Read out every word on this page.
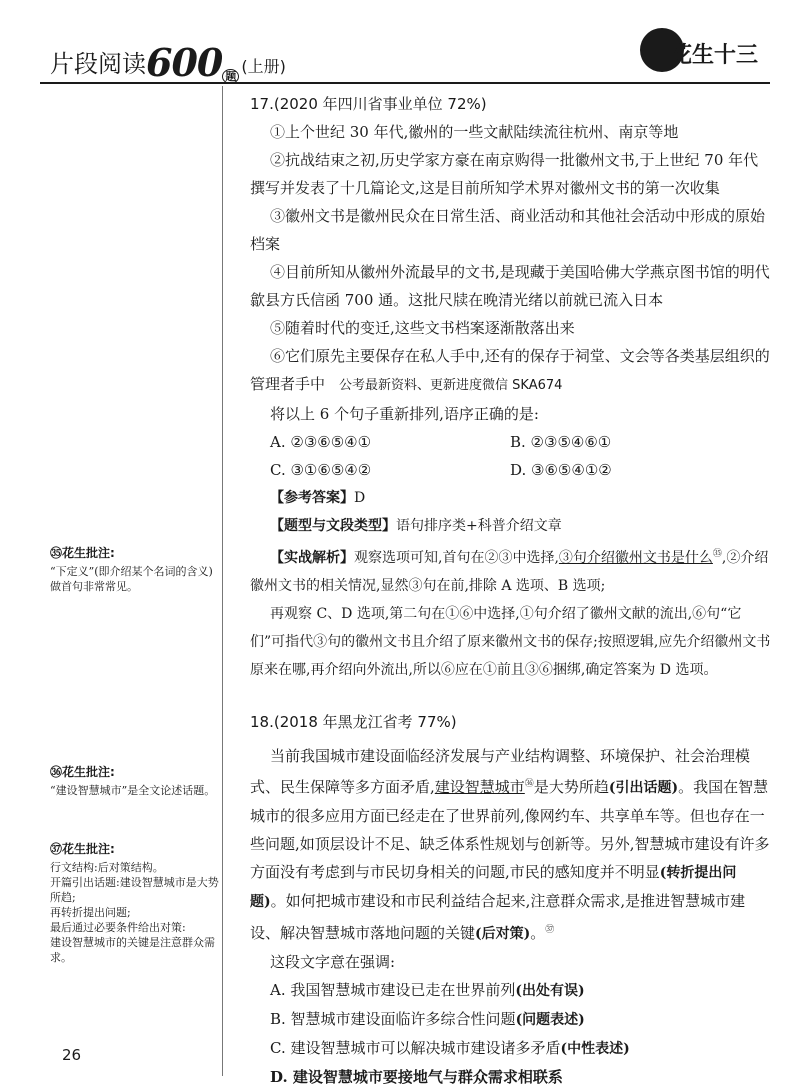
片段阅读600 $_题$(上册)	花生十三

17.(2020 年四川省事业单位 72%)

①上个世纪 30 年代,徽州的一些文献陆续流往杭州、南京等地

②抗战结束之初,历史学家方豪在南京购得一批徽州文书,于上世纪 70 年代撰写并发表了十几篇论文,这是目前所知学术界对徽州文书的第一次收集

③徽州文书是徽州民众在日常生活、商业活动和其他社会活动中形成的原始档案

④目前所知从徽州外流最早的文书,是现藏于美国哈佛大学燕京图书馆的明代歙县方氏信函 700 通。这批尺牍在晚清光绪以前就已流入日本

⑤随着时代的变迁,这些文书档案逐渐散落出来

⑥它们原先主要保存在私人手中,还有的保存于祠堂、文会等各类基层组织的管理者手中 公考最新资料、更新进度微信 SKA674

将以上 6 个句子重新排列,语序正确的是:

A. ②③⑥⑤④①	B. ②③⑤④⑥①
C. ③①⑥⑤④②	D. ③⑥⑤④①②

【参考答案】D

【题型与文段类型】语句排序类+科普介绍文章

【实战解析】观察选项可知,首句在②③中选择,③句介绍徽州文书是什么$^㉟$,②介绍徽州文书的相关情况,显然③句在前,排除 A 选项、B 选项;

再观察 C、D 选项,第二句在①⑥中选择,①句介绍了徽州文献的流出,⑥句“它们”可指代③句的徽州文书且介绍了原来徽州文书的保存;按照逻辑,应先介绍徽州文书原来在哪,再介绍向外流出,所以⑥应在①前且③⑥捆绑,确定答案为 D 选项。

18.(2018 年黑龙江省考 77%)

当前我国城市建设面临经济发展与产业结构调整、环境保护、社会治理模式、民生保障等多方面矛盾,建设智慧城市$^㊱$是大势所趋(引出话题)。我国在智慧城市的很多应用方面已经走在了世界前列,像网约车、共享单车等。但也存在一些问题,如顶层设计不足、缺乏体系性规划与创新等。另外,智慧城市建设有许多方面没有考虑到与市民切身相关的问题,市民的感知度并不明显(转折提出问题)。如何把城市建设和市民利益结合起来,注意群众需求,是推进智慧城市建设、解决智慧城市落地问题的关键(后对策)。$^㊲$

这段文字意在强调:

A. 我国智慧城市建设已走在世界前列(出处有误)

B. 智慧城市建设面临许多综合性问题(问题表述)

C. 建设智慧城市可以解决城市建设诸多矛盾(中性表述)

D. 建设智慧城市要接地气与群众需求相联系

㉟花生批注:
“下定义”(即介绍某个名词的含义)做首句非常常见。
㊱花生批注:
“建设智慧城市”是全文论述话题。
㊲花生批注:
行文结构:后对策结构。
开篇引出话题:建设智慧城市是大势所趋;
再转折提出问题;
最后通过必要条件给出对策:
建设智慧城市的关键是注意群众需求。
26
